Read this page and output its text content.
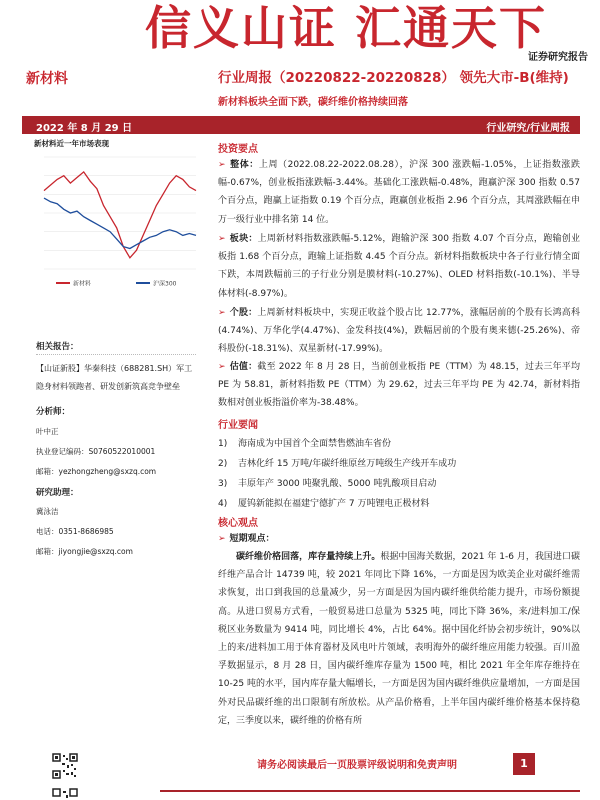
信义山证 汇通天下
证券研究报告
新材料	行业周报（20220822-20220828） 领先大市-B(维持)
新材料板块全面下跌，碳纤维价格持续回落
2022 年 8 月 29 日	行业研究/行业周报
新材料近一年市场表现
新材料	沪深300
相关报告：
【山证新股】华秦科技（688281.SH）军工隐身材料领跑者、研发创新筑高竞争壁垒
分析师：
叶中正
执业登记编码：S0760522010001
邮箱：yezhongzheng@sxzq.com
研究助理：
冀泳洁
电话：0351-8686985
邮箱：jiyongjie@sxzq.com
投资要点
➢ 整体：上周（2022.08.22-2022.08.28），沪深 300 涨跌幅-1.05%，上证指数涨跌幅-0.67%，创业板指涨跌幅-3.44%。基础化工涨跌幅-0.48%，跑赢沪深 300 指数 0.57 个百分点，跑赢上证指数 0.19 个百分点，跑赢创业板指 2.96 个百分点，其周涨跌幅在申万一级行业中排名第 14 位。
➢ 板块：上周新材料指数涨跌幅-5.12%，跑输沪深 300 指数 4.07 个百分点，跑输创业板指 1.68 个百分点，跑输上证指数 4.45 个百分点。新材料指数板块中各子行业行情全面下跌，本周跌幅前三的子行业分别是膜材料(-10.27%)、OLED 材料指数(-10.1%)、半导体材料(-8.97%)。
➢ 个股：上周新材料板块中，实现正收益个股占比 12.77%，涨幅居前的个股有长鸿高科(4.74%)、万华化学(4.47%)、金发科技(4%)，跌幅居前的个股有奥来德(-25.26%)、帝科股份(-18.31%)、双星新材(-17.99%)。
➢ 估值：截至 2022 年 8 月 28 日，当前创业板指 PE（TTM）为 48.15，过去三年平均 PE 为 58.81，新材料指数 PE（TTM）为 29.62，过去三年平均 PE 为 42.74，新材料指数相对创业板指溢价率为-38.48%。
行业要闻
1) 海南成为中国首个全面禁售燃油车省份
2) 吉林化纤 15 万吨/年碳纤维原丝万吨级生产线开车成功
3) 丰原年产 3000 吨聚乳酸、5000 吨乳酸项目启动
4) 厦钨新能拟在福建宁德扩产 7 万吨锂电正极材料
核心观点
➢ 短期观点：
碳纤维价格回落，库存量持续上升。根据中国海关数据，2021 年 1-6 月，我国进口碳纤维产品合计 14739 吨，较 2021 年同比下降 16%，一方面是因为欧美企业对碳纤维需求恢复，出口到我国的总量减少，另一方面是因为国内碳纤维供给能力提升，市场份额提高。从进口贸易方式看，一般贸易进口总量为 5325 吨，同比下降 36%，来/进料加工/保税区业务数量为 9414 吨，同比增长 4%，占比 64%。据中国化纤协会初步统计，90%以上的来/进料加工用于体育器材及风电叶片领域，表明海外的碳纤维应用能力较强。百川盈孚数据显示，8 月 28 日，国内碳纤维库存量为 1500 吨，相比 2021 年全年库存维持在 10-25 吨的水平，国内库存量大幅增长，一方面是因为国内碳纤维供应量增加，一方面是国外对民品碳纤维的出口限制有所放松。从产品价格看，上半年国内碳纤维价格基本保持稳定，三季度以来，碳纤维的价格有所
请务必阅读最后一页股票评级说明和免责声明	1
